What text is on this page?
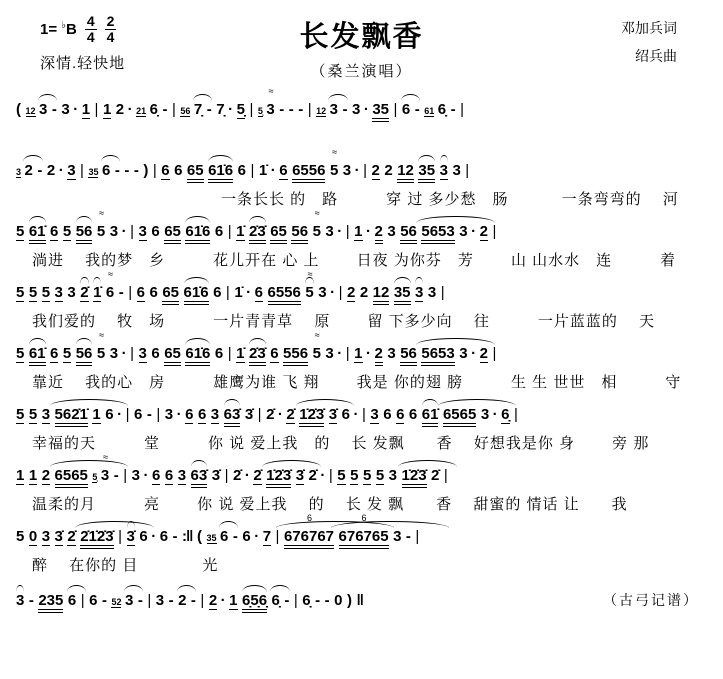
$1= ^♭B \frac{4}{4} \frac{2}{4}$
深情.轻快地
长发飘香
（桑兰演唱）
邓加兵词
绍兵曲
( 12 3 - 3 · 1 | 1 2 · 21 6̣ - | 56 7̣ - 7̣ · 5̣ | 5̣ 3
≈
- - - | 12 3 - 3 · 35 | 6 - 61 6̣ - |
3 2 - 2 · 3 | 35 6 - - - ) | 6 6 65 61̇6 6 | 1̇ · 6 6556 5
≈
3 · | 2 2 12 35 3 3 |
一条长长 的　路　　　穿 过 多少愁　肠　　　 一条弯弯的　 河
5 61̇ 6 5 56 5
≈
3 · | 3 6 65 61̇6 6 | 1̇ 2̇3̇ 65 56 5
≈
3 · | 1 · 2 3 56 5653 3 · 2 |
淌进　 我的梦　乡　　　花儿开在 心 上　　 日夜 为你芬　芳　　 山 山水水　连　　　着
5 5 5 3 3 2̇ 1̇ 6
≈
- | 6 6 65 61̇6 6 | 1̇ · 6 6556 5
≈
3 · | 2 2 12 35 3 3 |
我们爱的　 牧　场　　　一片青青草　 原　　 留 下多少向　 往　　　一片蓝蓝的　 天
5 61̇ 6 5 56 5
≈
3 · | 3 6 65 61̇6 6 | 1̇ 2̇3̇ 6 556 5
≈
3 · | 1 · 2 3 56 5653 3 · 2 |
靠近　 我的心　房　　　雄鹰为谁 飞 翔　　 我是 你的翅 膀　　　生 生 世世　相　　　守
5 5 3 562̇1̇ 1 6 · | 6 - | 3 · 6 6 3 63̇ 3̇ | 2̇ · 2̇ 1̇2̇3̇ 3̇ 6 · | 3 6 6 6 61̇ 6565 3 · 6̣ |
幸福的天　　　堂　　　你 说 爱上我　的　 长 发飘　　香　 好想我是你 身　　 旁 那
1 1 2 6565 5̣ 3
≈
- | 3 · 6 6 3 63̇ 3̇ | 2̇ · 2̇ 1̇2̇3̇ 3̇ 2̇ · | 5 5 5 5 3 1̇2̇3̇ 2̇ |
温柔的月　　　亮　　 你 说 爱上我　 的　 长 发 飘　　香　 甜蜜的 情话 让　　我
5 0 3 3̇ 2̇ 2̇1̇2̇3̇ | 3̇ 6 · 6 - :‖ ( 35 6 - 6 · 7 | 676767
6
676765
6
3 - |
醉　 在你的 目　　　　光
3 - 235 6 | 6 - 52 3 - | 3 - 2 - | 2 · 1 6̣5̣6̣ 6̣ - | 6̣ - - 0 ) ‖	（古弓记谱）
